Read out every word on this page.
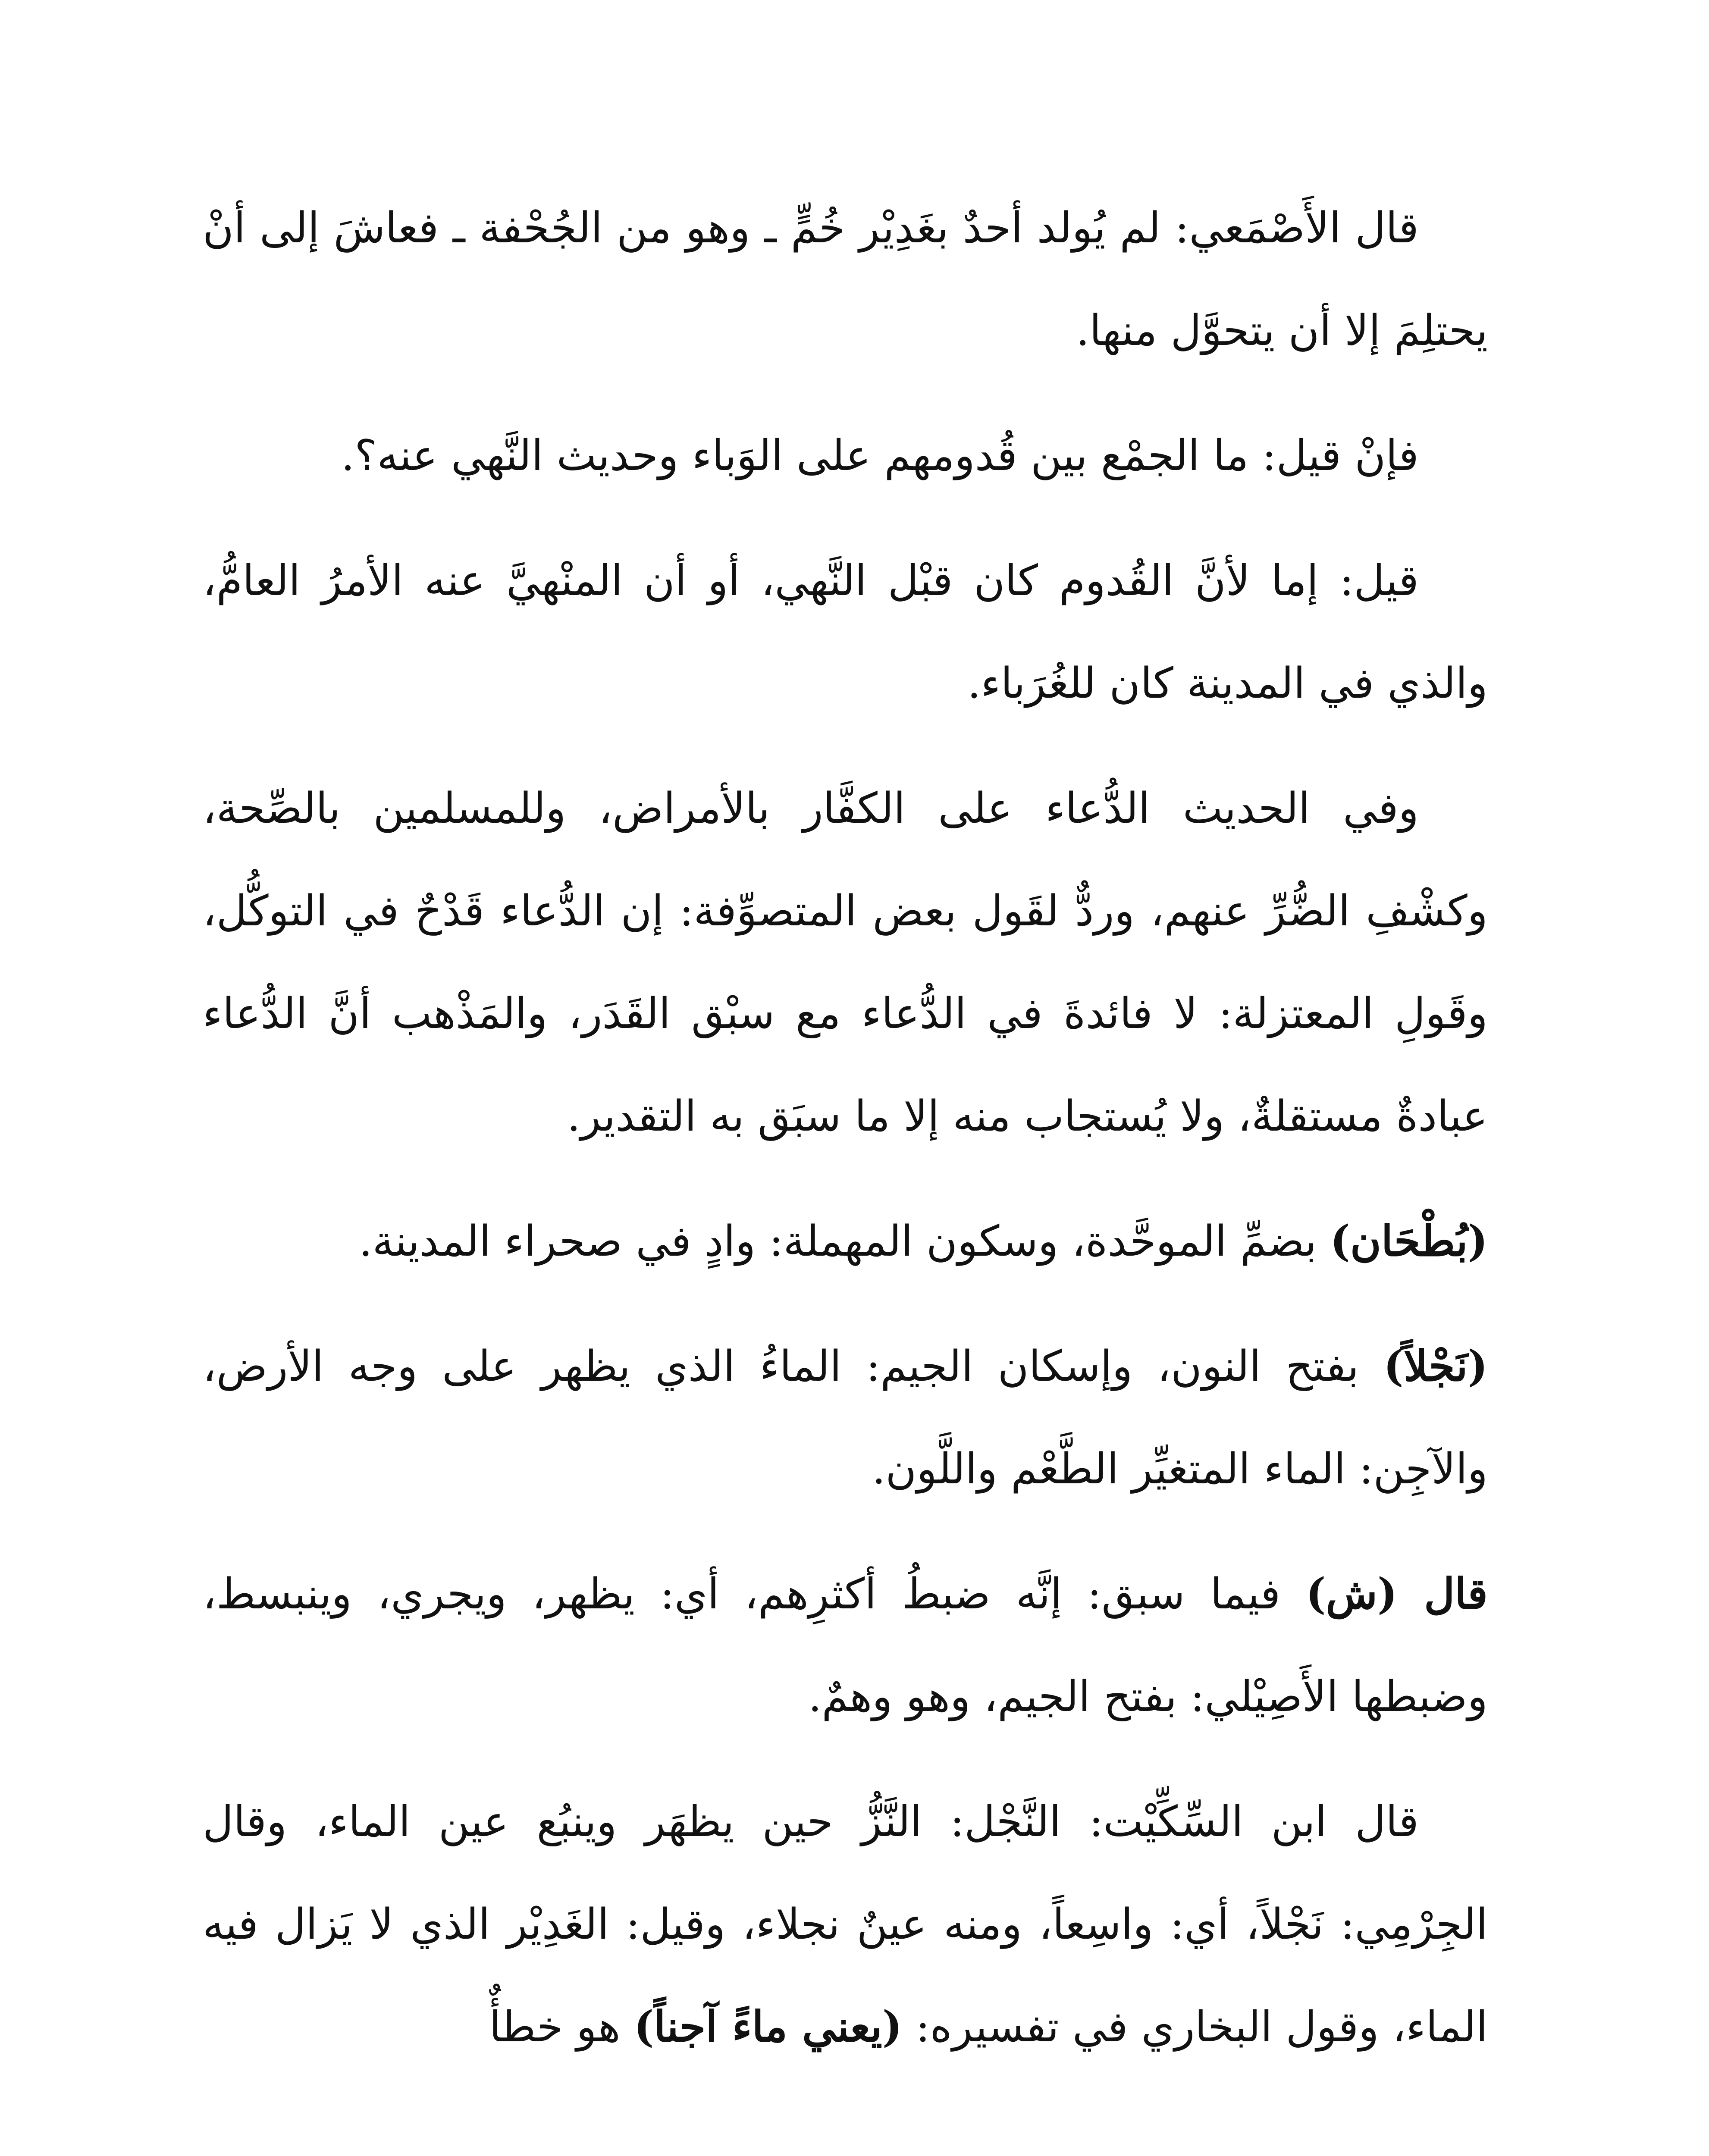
قال الأَصْمَعي: لم يُولد أحدٌ بغَدِيْر خُمٍّ ـ وهو من الجُحْفة ـ فعاشَ إلى أنْ يحتلِمَ إلا أن يتحوَّل منها.

فإنْ قيل: ما الجمْع بين قُدومهم على الوَباء وحديث النَّهي عنه؟.

قيل: إما لأنَّ القُدوم كان قبْل النَّهي، أو أن المنْهيَّ عنه الأمرُ العامُّ، والذي في المدينة كان للغُرَباء.

وفي الحديث الدُّعاء على الكفَّار بالأمراض، وللمسلمين بالصِّحة، وكشْفِ الضُّرِّ عنهم، وردٌّ لقَول بعض المتصوِّفة: إن الدُّعاء قَدْحٌ في التوكُّل، وقَولِ المعتزلة: لا فائدةَ في الدُّعاء مع سبْق القَدَر، والمَذْهب أنَّ الدُّعاء عبادةٌ مستقلةٌ، ولا يُستجاب منه إلا ما سبَق به التقدير.

(بُطْحَان) بضمِّ الموحَّدة، وسكون المهملة: وادٍ في صحراء المدينة.

(نَجْلاً) بفتح النون، وإسكان الجيم: الماءُ الذي يظهر على وجه الأرض، والآجِن: الماء المتغيِّر الطَّعْم واللَّون.

قال (ش) فيما سبق: إنَّه ضبطُ أكثرِهم، أي: يظهر، ويجري، وينبسط، وضبطها الأَصِيْلي: بفتح الجيم، وهو وهمٌ.

قال ابن السِّكِّيْت: النَّجْل: النَّزُّ حين يظهَر وينبُع عين الماء، وقال الجِرْمِي: نَجْلاً، أي: واسِعاً، ومنه عينٌ نجلاء، وقيل: الغَدِيْر الذي لا يَزال فيه الماء، وقول البخاري في تفسيره: (يعني ماءً آجناً) هو خطأٌ
